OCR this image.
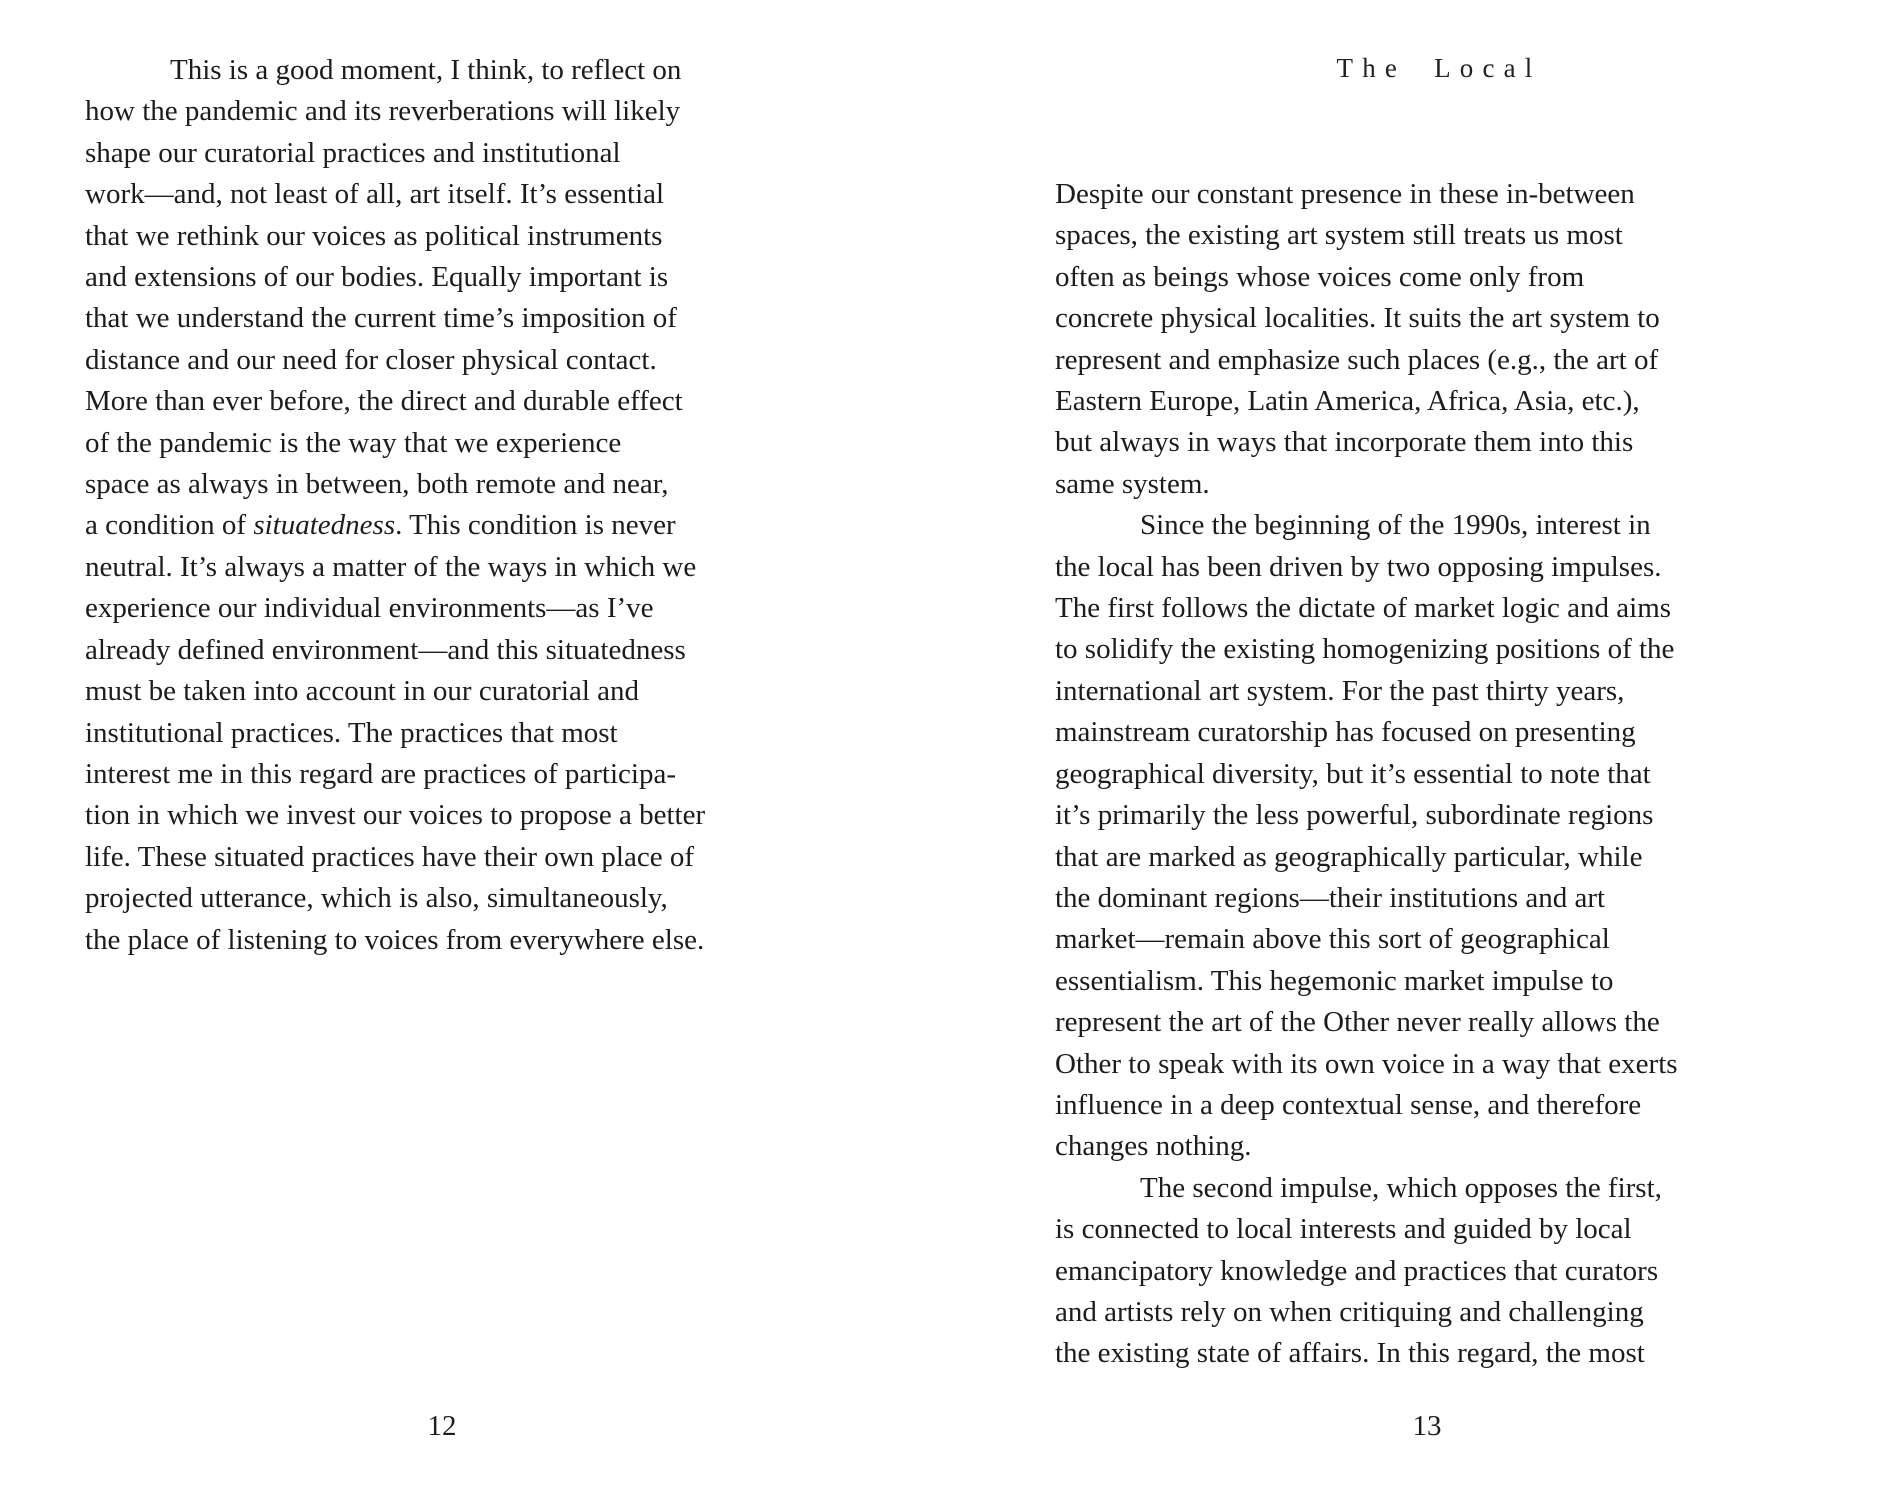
This is a good moment, I think, to reflect on
how the pandemic and its reverberations will likely
shape our curatorial practices and institutional
work—and, not least of all, art itself. It’s essential
that we rethink our voices as political instruments
and extensions of our bodies. Equally important is
that we understand the current time’s imposition of
distance and our need for closer physical contact.
More than ever before, the direct and durable effect
of the pandemic is the way that we experience
space as always in between, both remote and near,
a condition of situatedness. This condition is never
neutral. It’s always a matter of the ways in which we
experience our individual environments—as I’ve
already defined environment—and this situatedness
must be taken into account in our curatorial and
institutional practices. The practices that most
interest me in this regard are practices of participa-
tion in which we invest our voices to propose a better
life. These situated practices have their own place of
projected utterance, which is also, simultaneously,
the place of listening to voices from everywhere else.
12
The Local
Despite our constant presence in these in-between
spaces, the existing art system still treats us most
often as beings whose voices come only from
concrete physical localities. It suits the art system to
represent and emphasize such places (e.g., the art of
Eastern Europe, Latin America, Africa, Asia, etc.),
but always in ways that incorporate them into this
same system.
Since the beginning of the 1990s, interest in
the local has been driven by two opposing impulses.
The first follows the dictate of market logic and aims
to solidify the existing homogenizing positions of the
international art system. For the past thirty years,
mainstream curatorship has focused on presenting
geographical diversity, but it’s essential to note that
it’s primarily the less powerful, subordinate regions
that are marked as geographically particular, while
the dominant regions—their institutions and art
market—remain above this sort of geographical
essentialism. This hegemonic market impulse to
represent the art of the Other never really allows the
Other to speak with its own voice in a way that exerts
influence in a deep contextual sense, and therefore
changes nothing.
The second impulse, which opposes the first,
is connected to local interests and guided by local
emancipatory knowledge and practices that curators
and artists rely on when critiquing and challenging
the existing state of affairs. In this regard, the most
13
